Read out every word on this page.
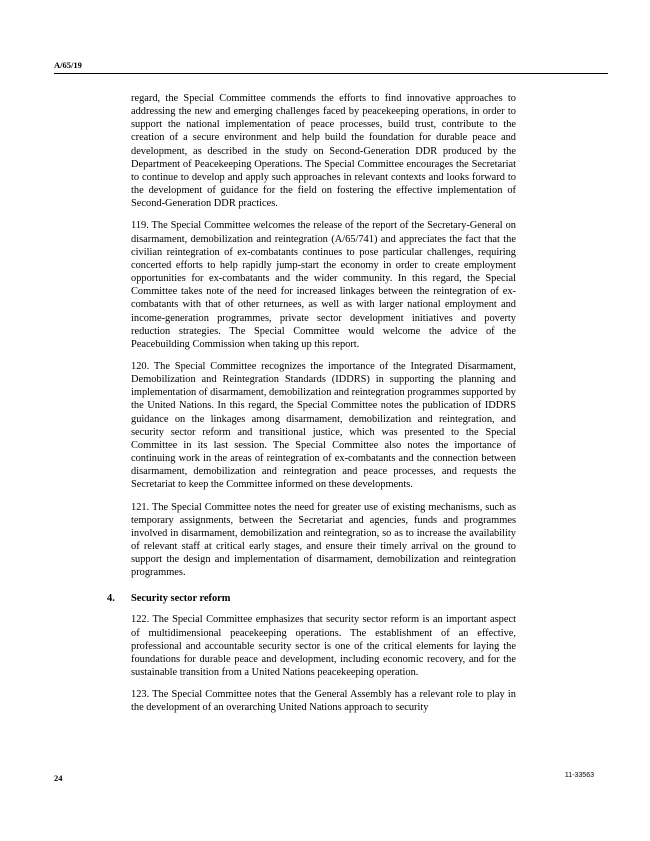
A/65/19

regard, the Special Committee commends the efforts to find innovative approaches to addressing the new and emerging challenges faced by peacekeeping operations, in order to support the national implementation of peace processes, build trust, contribute to the creation of a secure environment and help build the foundation for durable peace and development, as described in the study on Second-Generation DDR produced by the Department of Peacekeeping Operations. The Special Committee encourages the Secretariat to continue to develop and apply such approaches in relevant contexts and looks forward to the development of guidance for the field on fostering the effective implementation of Second-Generation DDR practices.

119. The Special Committee welcomes the release of the report of the Secretary-General on disarmament, demobilization and reintegration (A/65/741) and appreciates the fact that the civilian reintegration of ex-combatants continues to pose particular challenges, requiring concerted efforts to help rapidly jump-start the economy in order to create employment opportunities for ex-combatants and the wider community. In this regard, the Special Committee takes note of the need for increased linkages between the reintegration of ex-combatants with that of other returnees, as well as with larger national employment and income-generation programmes, private sector development initiatives and poverty reduction strategies. The Special Committee would welcome the advice of the Peacebuilding Commission when taking up this report.

120. The Special Committee recognizes the importance of the Integrated Disarmament, Demobilization and Reintegration Standards (IDDRS) in supporting the planning and implementation of disarmament, demobilization and reintegration programmes supported by the United Nations. In this regard, the Special Committee notes the publication of IDDRS guidance on the linkages among disarmament, demobilization and reintegration, and security sector reform and transitional justice, which was presented to the Special Committee in its last session. The Special Committee also notes the importance of continuing work in the areas of reintegration of ex-combatants and the connection between disarmament, demobilization and reintegration and peace processes, and requests the Secretariat to keep the Committee informed on these developments.

121. The Special Committee notes the need for greater use of existing mechanisms, such as temporary assignments, between the Secretariat and agencies, funds and programmes involved in disarmament, demobilization and reintegration, so as to increase the availability of relevant staff at critical early stages, and ensure their timely arrival on the ground to support the design and implementation of disarmament, demobilization and reintegration programmes.

4. Security sector reform

122. The Special Committee emphasizes that security sector reform is an important aspect of multidimensional peacekeeping operations. The establishment of an effective, professional and accountable security sector is one of the critical elements for laying the foundations for durable peace and development, including economic recovery, and for the sustainable transition from a United Nations peacekeeping operation.

123. The Special Committee notes that the General Assembly has a relevant role to play in the development of an overarching United Nations approach to security

24	11-33563
